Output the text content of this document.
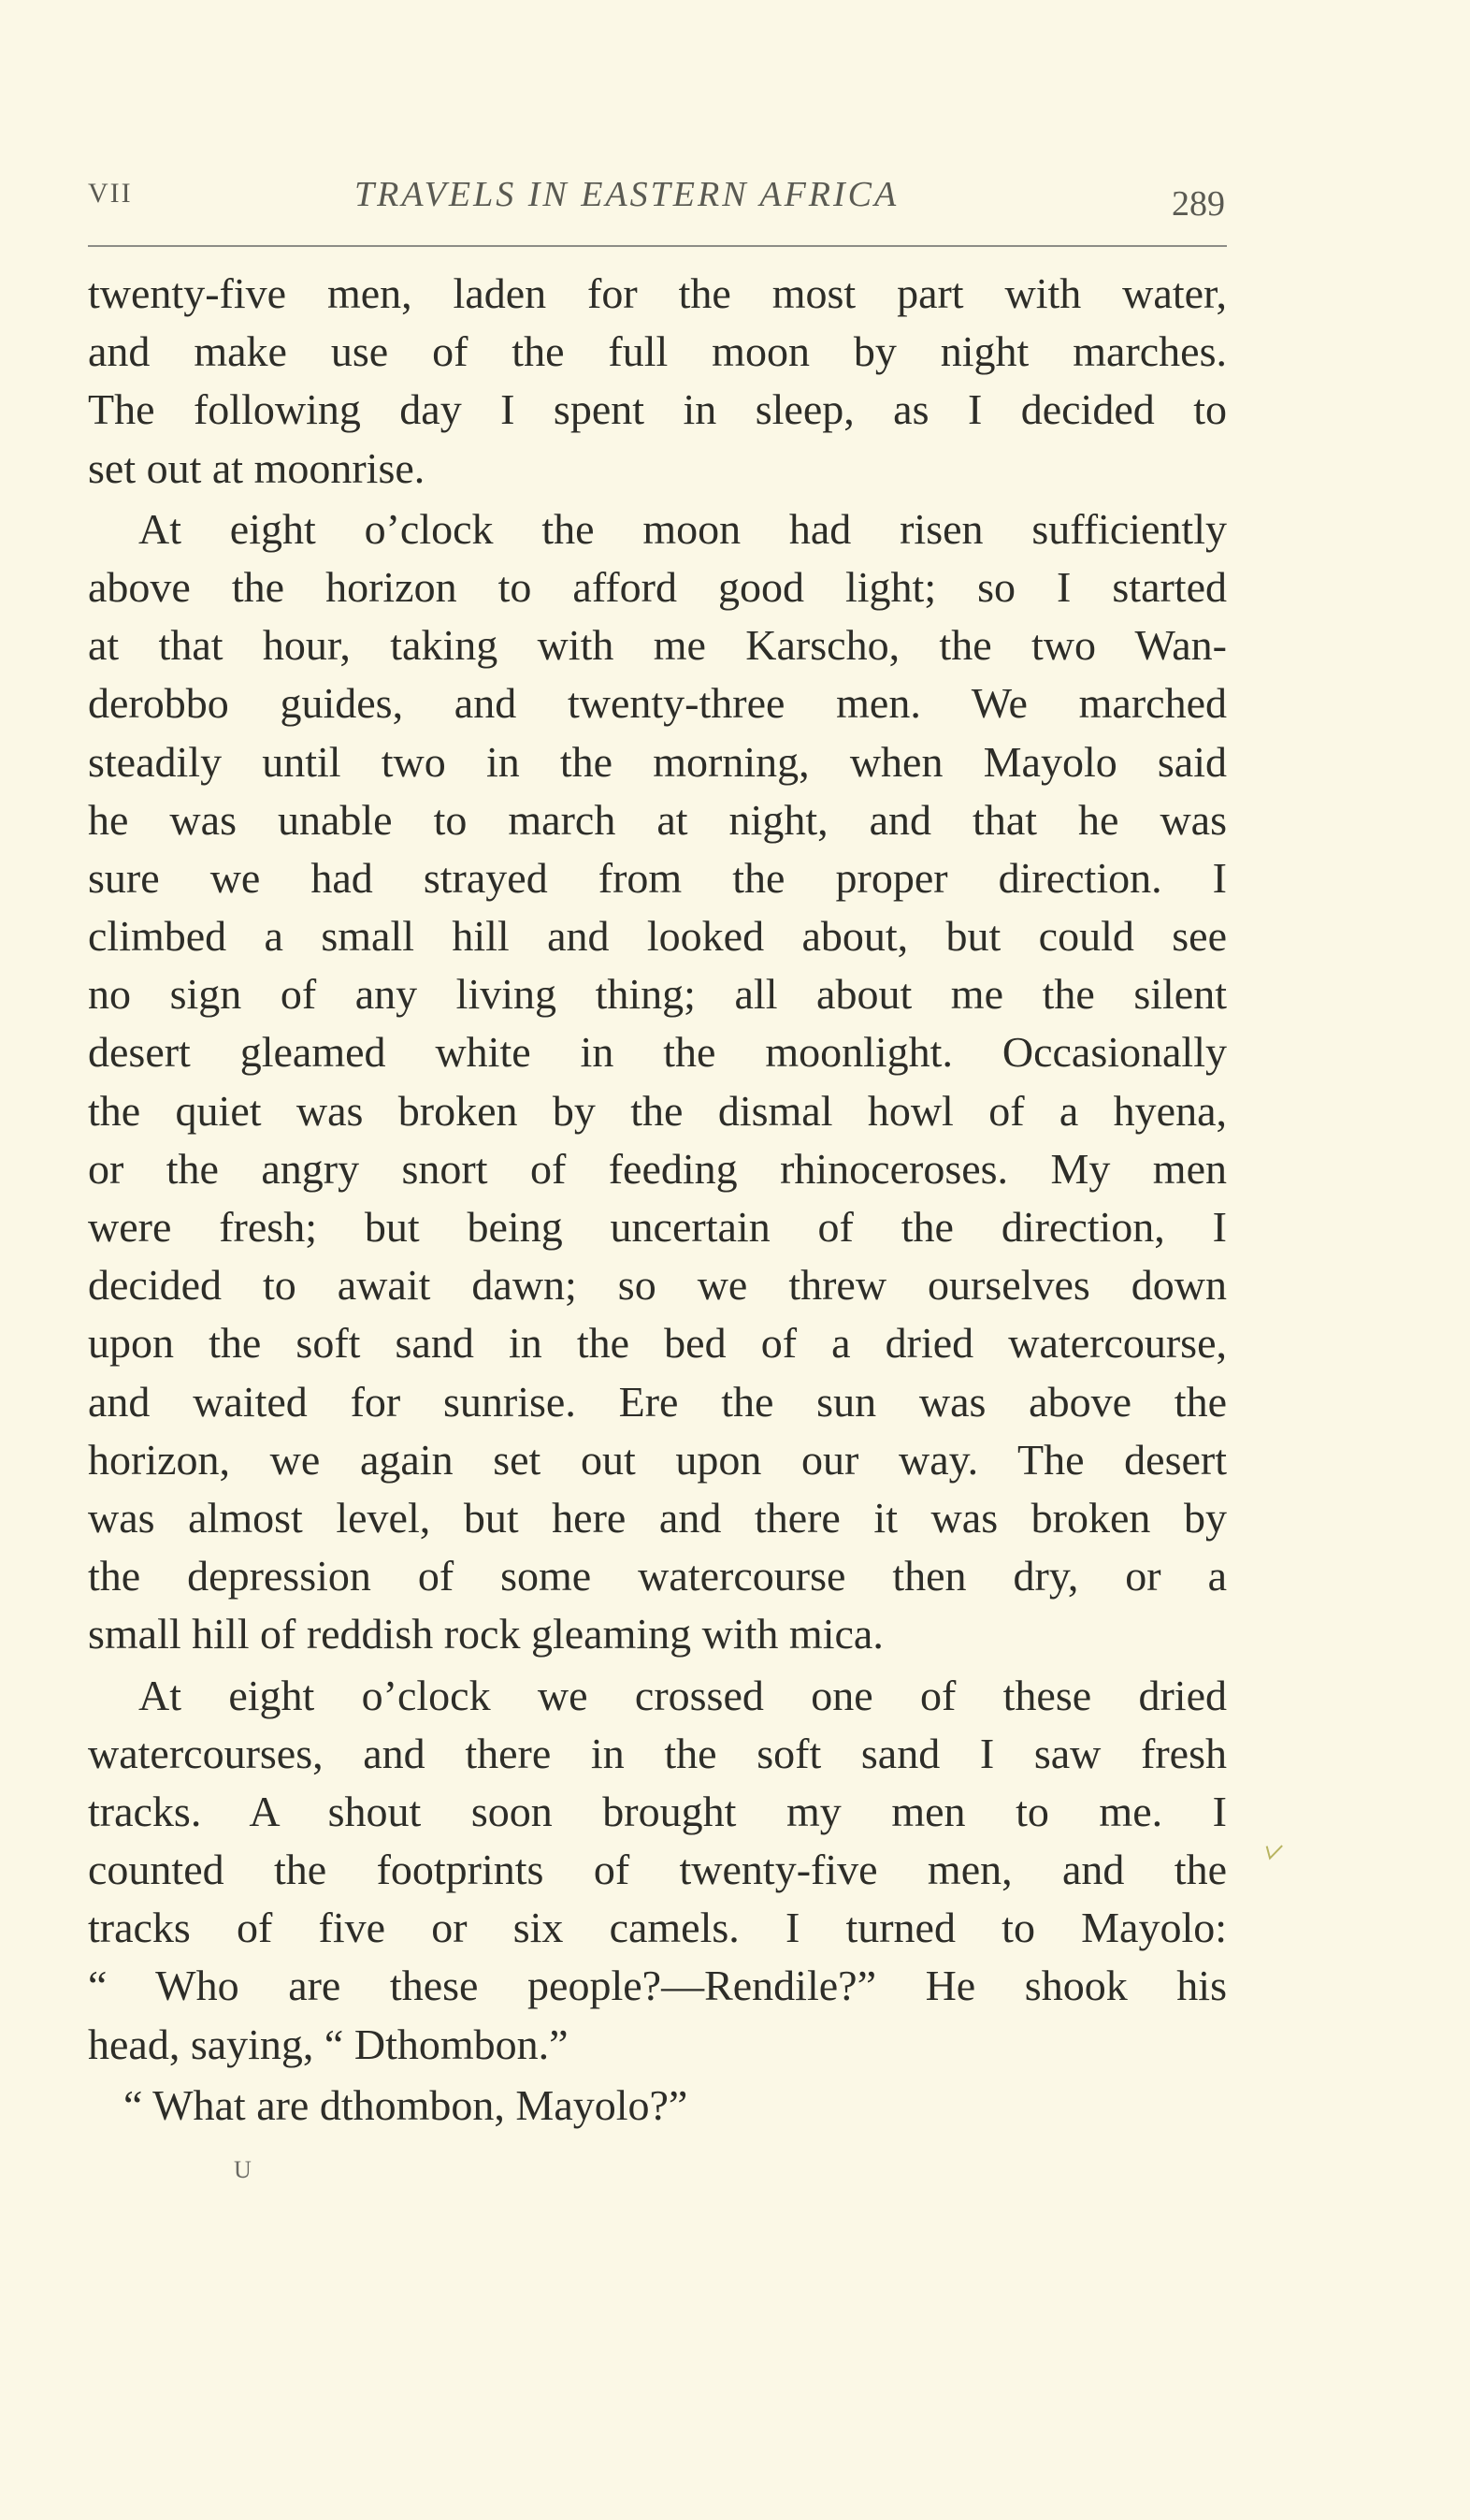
VII	TRAVELS IN EASTERN AFRICA	289
twenty-five men, laden for the most part with water,
and make use of the full moon by night marches.
The following day I spent in sleep, as I decided to
set out at moonrise.
At eight o’clock the moon had risen sufficiently
above the horizon to afford good light; so I started
at that hour, taking with me Karscho, the two Wan-
derobbo guides, and twenty-three men. We marched
steadily until two in the morning, when Mayolo said
he was unable to march at night, and that he was
sure we had strayed from the proper direction. I
climbed a small hill and looked about, but could see
no sign of any living thing; all about me the silent
desert gleamed white in the moonlight. Occasionally
the quiet was broken by the dismal howl of a hyena,
or the angry snort of feeding rhinoceroses. My men
were fresh; but being uncertain of the direction, I
decided to await dawn; so we threw ourselves down
upon the soft sand in the bed of a dried watercourse,
and waited for sunrise. Ere the sun was above the
horizon, we again set out upon our way. The desert
was almost level, but here and there it was broken by
the depression of some watercourse then dry, or a
small hill of reddish rock gleaming with mica.
At eight o’clock we crossed one of these dried
watercourses, and there in the soft sand I saw fresh
tracks. A shout soon brought my men to me. I
counted the footprints of twenty-five men, and the
tracks of five or six camels. I turned to Mayolo:
“ Who are these people?—Rendile?” He shook his
head, saying, “ Dthombon.”
“ What are dthombon, Mayolo?”
U
